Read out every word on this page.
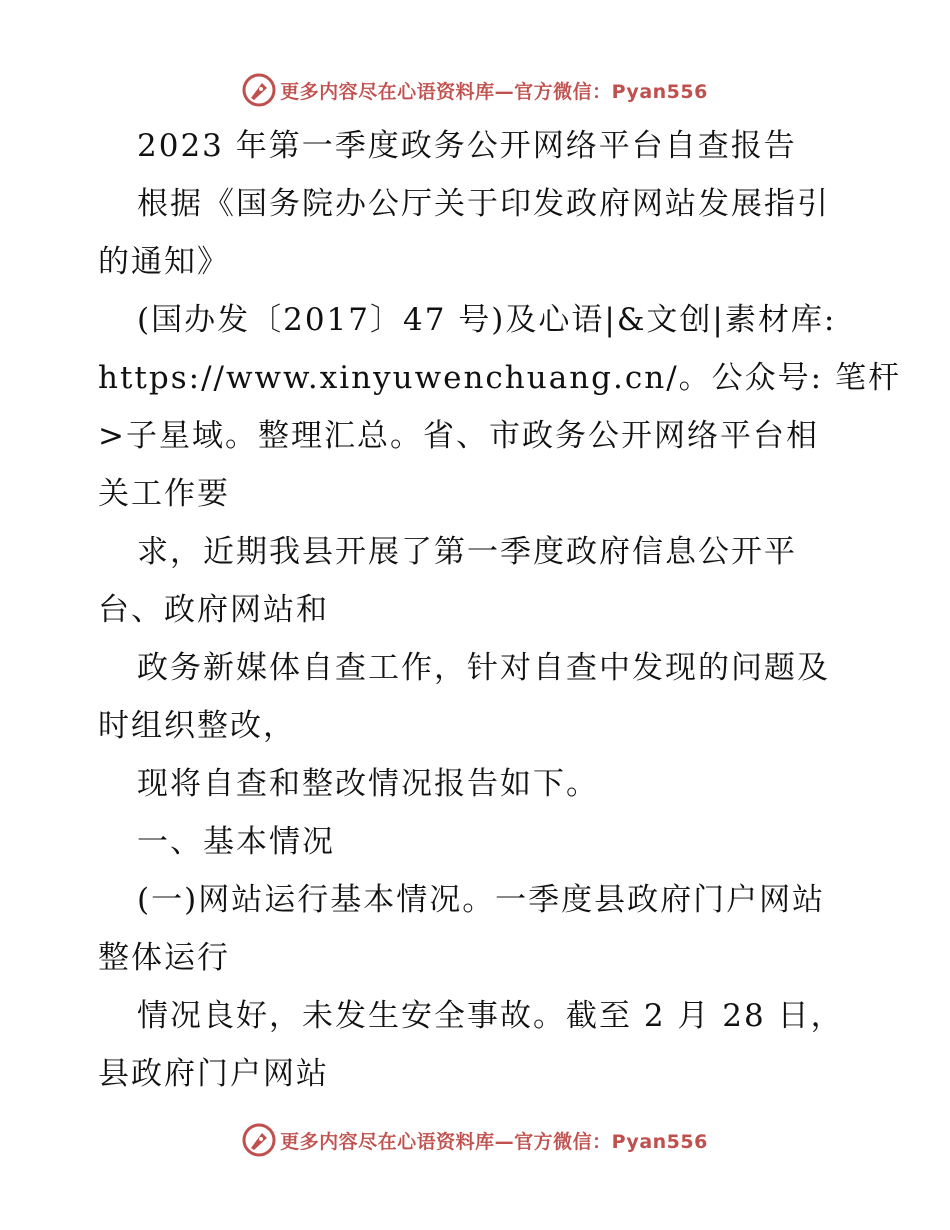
更多内容尽在心语资料库—官方微信：Pyan556
2023 年第一季度政务公开网络平台自查报告
根据《国务院办公厅关于印发政府网站发展指引
的通知》
(国办发〔2017〕47 号)及心语|&文创|素材库:
https://www.xinyuwenchuang.cn/。公众号: 笔杆
>子星域。整理汇总。省、市政务公开网络平台相
关工作要
求，近期我县开展了第一季度政府信息公开平
台、政府网站和
政务新媒体自查工作，针对自查中发现的问题及
时组织整改，
现将自查和整改情况报告如下。
一、基本情况
(一)网站运行基本情况。一季度县政府门户网站
整体运行
情况良好，未发生安全事故。截至 2 月 28 日，
县政府门户网站
更多内容尽在心语资料库—官方微信：Pyan556
